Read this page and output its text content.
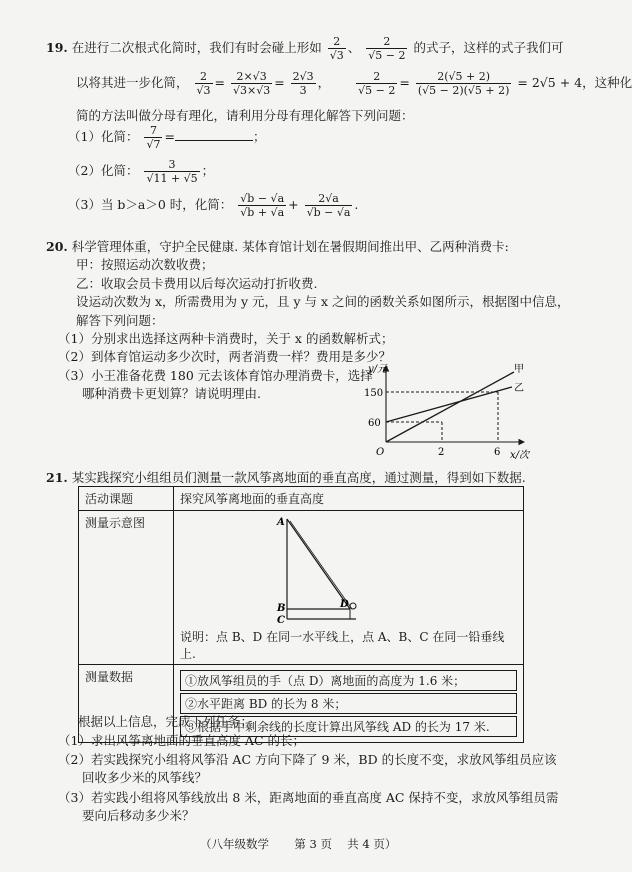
19. 在进行二次根式化简时，我们有时会碰上形如 $\frac{2}{√3}$ 、 $\frac{2}{√5 - 2}$ 的式子，这样的式子我们可
以将其进一步化简， $\frac{2}{√3} = \frac{2\times√3}{√3\times√3} = \frac{2√3}{3}$ ， $\frac{2}{√5 - 2} = \frac{2(√5 + 2)}{(√5 - 2)(√5 + 2)} = 2√5 + 4$，这种化
简的方法叫做分母有理化，请利用分母有理化解答下列问题：
（1）化简： $\frac{7}{√7}$ =	；
（2）化简： $\frac{3}{√11 + √5}$ ；
（3）当 b＞a＞0 时，化简： $\frac{√b - √a}{√b + √a} + \frac{2√a}{√b - √a}$ .
20. 科学管理体重，守护全民健康. 某体育馆计划在暑假期间推出甲、乙两种消费卡:
甲：按照运动次数收费；
乙：收取会员卡费用以后每次运动打折收费.
设运动次数为 x，所需费用为 y 元，且 y 与 x 之间的函数关系如图所示，根据图中信息，
解答下列问题：
（1）分别求出选择这两种卡消费时，关于 x 的函数解析式；
（2）到体育馆运动多少次时，两者消费一样？费用是多少？
（3）小王准备花费 180 元去该体育馆办理消费卡，选择
哪种消费卡更划算？请说明理由.
y/元
x/次
O
60
150
2	6
甲
乙
21. 某实践探究小组组员们测量一款风筝离地面的垂直高度，通过测量，得到如下数据.
活动课题	探究风筝离地面的垂直高度
测量示意图	A
B
C
D
说明：点 B、D 在同一水平线上，点 A、B、C 在同一铅垂线上.

测量数据	①放风筝组员的手（点 D）离地面的高度为 1.6 米；
②水平距离 BD 的长为 8 米；
③根据手中剩余线的长度计算出风筝线 AD 的长为 17 米.
根据以上信息，完成下列任务：
（1）求出风筝离地面的垂直高度 AC 的长；
（2）若实践探究小组将风筝沿 AC 方向下降了 9 米，BD 的长度不变，求放风筝组员应该
回收多少米的风筝线？
（3）若实践小组将风筝线放出 8 米，距离地面的垂直高度 AC 保持不变，求放风筝组员需
要向后移动多少米？
（八年级数学 第 3 页 共 4 页）
